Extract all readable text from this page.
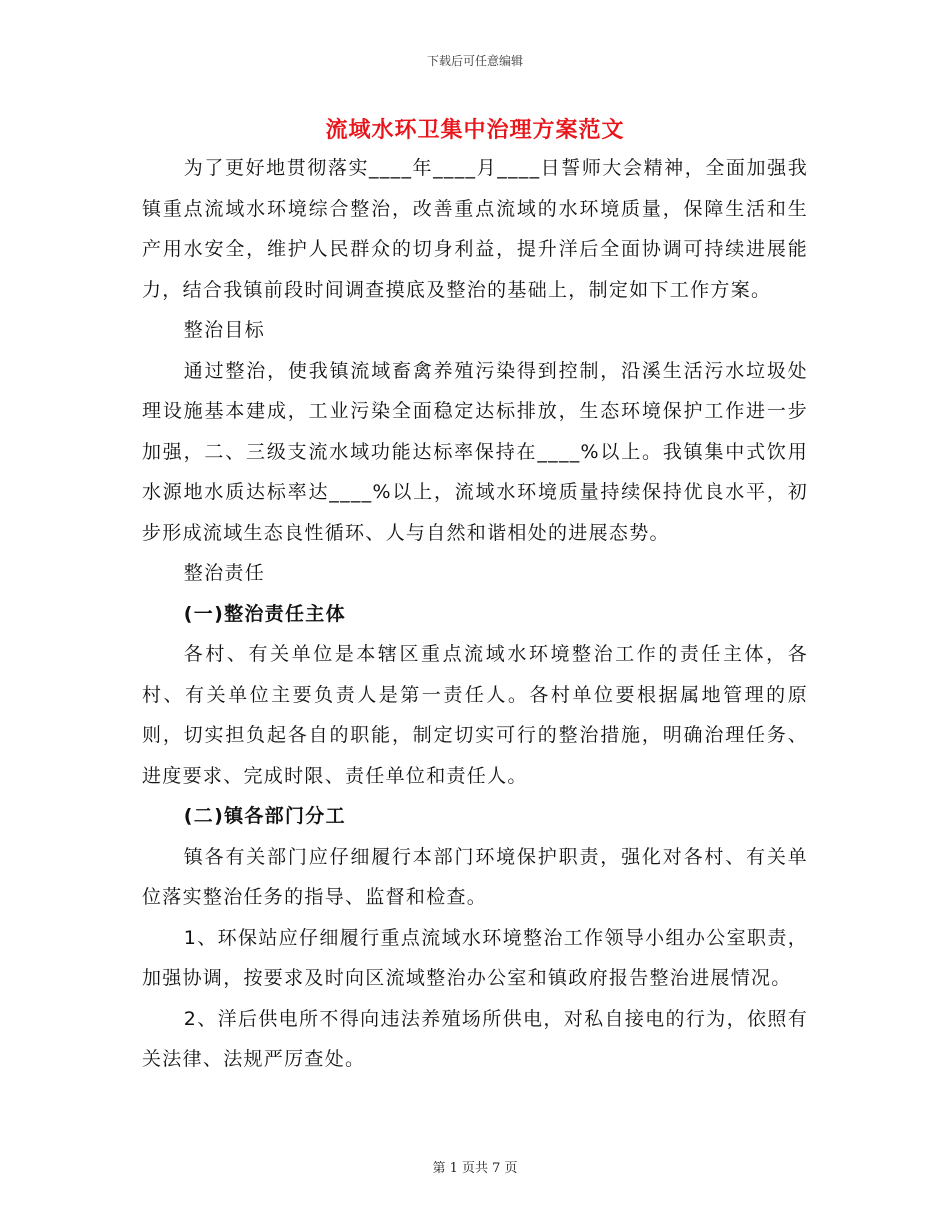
下载后可任意编辑
流域水环卫集中治理方案范文

为了更好地贯彻落实____年____月____日誓师大会精神，全面加强我镇重点流域水环境综合整治，改善重点流域的水环境质量，保障生活和生产用水安全，维护人民群众的切身利益，提升洋后全面协调可持续进展能力，结合我镇前段时间调查摸底及整治的基础上，制定如下工作方案。

整治目标

通过整治，使我镇流域畜禽养殖污染得到控制，沿溪生活污水垃圾处理设施基本建成，工业污染全面稳定达标排放，生态环境保护工作进一步加强，二、三级支流水域功能达标率保持在____%以上。我镇集中式饮用水源地水质达标率达____%以上，流域水环境质量持续保持优良水平，初步形成流域生态良性循环、人与自然和谐相处的进展态势。

整治责任

(一)整治责任主体

各村、有关单位是本辖区重点流域水环境整治工作的责任主体，各村、有关单位主要负责人是第一责任人。各村单位要根据属地管理的原则，切实担负起各自的职能，制定切实可行的整治措施，明确治理任务、进度要求、完成时限、责任单位和责任人。

(二)镇各部门分工

镇各有关部门应仔细履行本部门环境保护职责，强化对各村、有关单位落实整治任务的指导、监督和检查。

1、环保站应仔细履行重点流域水环境整治工作领导小组办公室职责，加强协调，按要求及时向区流域整治办公室和镇政府报告整治进展情况。

2、洋后供电所不得向违法养殖场所供电，对私自接电的行为，依照有关法律、法规严厉查处。

第 1 页共 7 页
